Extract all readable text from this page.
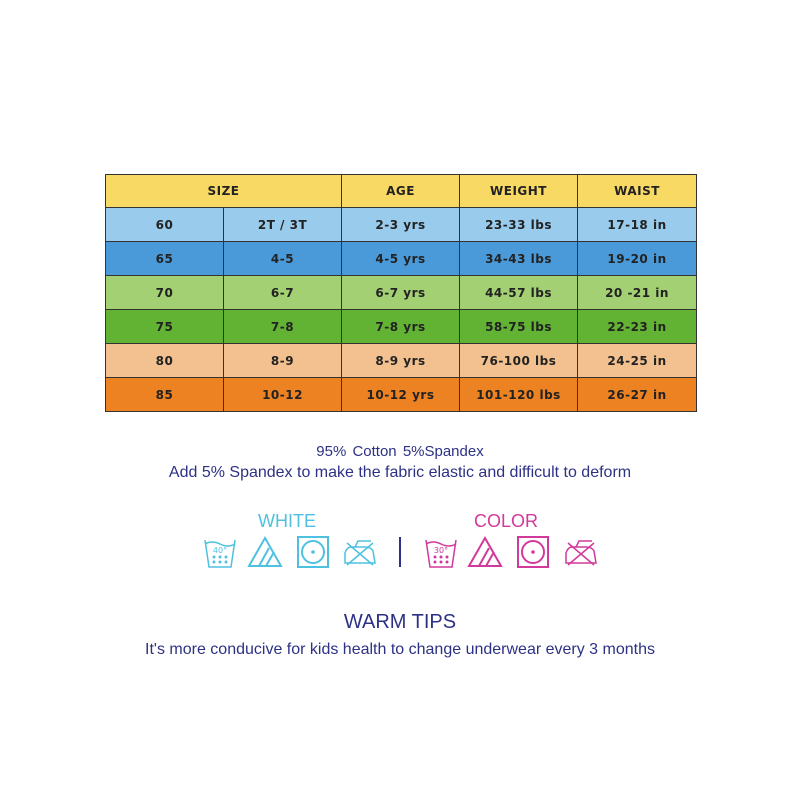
SIZE		AGE	WEIGHT	WAIST
60	2T / 3T	2-3 yrs	23-33 lbs	17-18 in
65	4-5	4-5 yrs	34-43 lbs	19-20 in
70	6-7	6-7 yrs	44-57 lbs	20 -21 in
75	7-8	7-8 yrs	58-75 lbs	22-23 in
80	8-9	8-9 yrs	76-100 lbs	24-25 in
85	10-12	10-12 yrs	101-120 lbs	26-27 in
95% Cotton 5%Spandex
Add 5% Spandex to make the fabric elastic and difficult to deform
WHITE	COLOR
40°	30°
WARM TIPS
It's more conducive for kids health to change underwear every 3 months
